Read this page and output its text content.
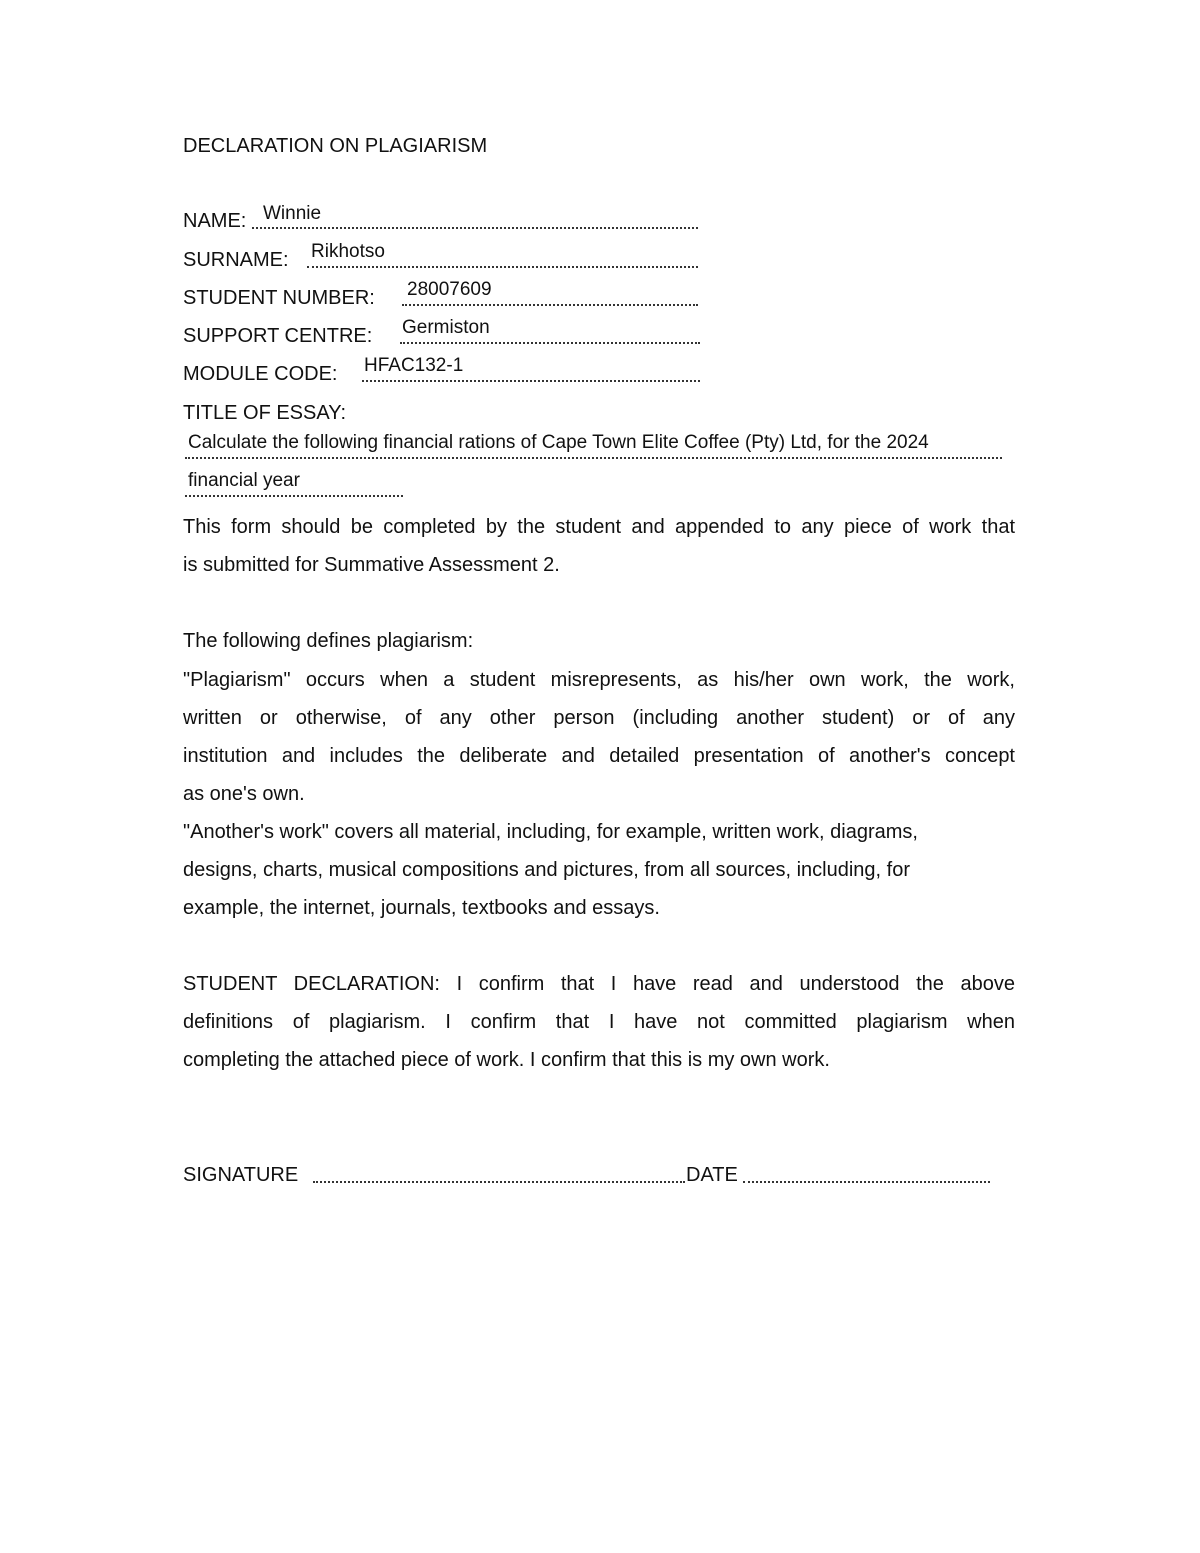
DECLARATION ON PLAGIARISM
NAME: Winnie
SURNAME: Rikhotso
STUDENT NUMBER: 28007609
SUPPORT CENTRE: Germiston
MODULE CODE: HFAC132-1
TITLE OF ESSAY:
Calculate the following financial rations of Cape Town Elite Coffee (Pty) Ltd, for the 2024
financial year
This form should be completed by the student and appended to any piece of work that
is submitted for Summative Assessment 2.
The following defines plagiarism:
"Plagiarism" occurs when a student misrepresents, as his/her own work, the work,
written or otherwise, of any other person (including another student) or of any
institution and includes the deliberate and detailed presentation of another's concept
as one's own.
"Another's work" covers all material, including, for example, written work, diagrams,
designs, charts, musical compositions and pictures, from all sources, including, for
example, the internet, journals, textbooks and essays.
STUDENT DECLARATION: I confirm that I have read and understood the above
definitions of plagiarism. I confirm that I have not committed plagiarism when
completing the attached piece of work. I confirm that this is my own work.
SIGNATURE	DATE
